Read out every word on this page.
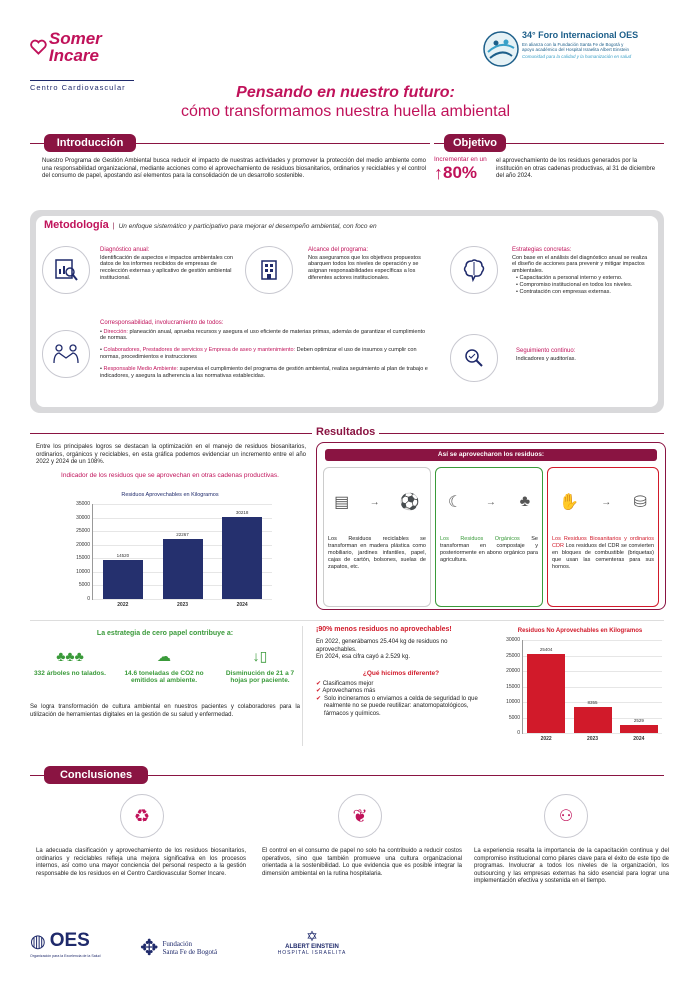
Somer Incare
Centro Cardiovascular
34° Foro Internacional OES
En alianza con la Fundación Santa Fe de Bogotá y
apoyo académico del Hospital Israelita Albert Einstein
Comunidad para la calidad y la humanización en salud
Pensando en nuestro futuro:
cómo transformamos nuestra huella ambiental
Introducción
Nuestro Programa de Gestión Ambiental busca reducir el impacto de nuestras actividades y promover la protección del medio ambiente como una responsabilidad organizacional, mediante acciones como el aprovechamiento de residuos biosanitarios, ordinarios y reciclables y el control del consumo de papel, apostando así elementos para la consolidación de un desarrollo sostenible.
Objetivo
Incrementar en un
↑ 80%
el aprovechamiento de los residuos generados por la institución en otras cadenas productivas, al 31 de diciembre del año 2024.
Metodología | Un enfoque sistemático y participativo para mejorar el desempeño ambiental, con foco en
Diagnóstico anual:
Identificación de aspectos e impactos ambientales con datos de los informes recibidos de empresas de recolección externas y aplicativo de gestión ambiental institucional.
Alcance del programa:
Nos aseguramos que los objetivos propuestos abarquen todos los niveles de operación y se asignan responsabilidades específicas a los diferentes actores institucionales.
Estrategias concretas:
Con base en el análisis del diagnóstico anual se realiza el diseño de acciones para prevenir y mitigar impactos ambientales.
• Capacitación a personal interno y externo.
• Compromiso institucional en todos los niveles.
• Contratación con empresas externas.
Corresponsabilidad, involucramiento de todos:
• Dirección: planeación anual, aprueba recursos y asegura el uso eficiente de materias primas, además de garantizar el cumplimiento de normas.
• Colaboradores, Prestadores de servicios y Empresa de aseo y mantenimiento: Deben optimizar el uso de insumos y cumplir con normas, procedimientos e instrucciones
• Responsable Medio Ambiente: supervisa el cumplimiento del programa de gestión ambiental, realiza seguimiento al plan de trabajo e indicadores, y asegura la adherencia a las normativas establecidas.
Seguimiento continuo:
Indicadores y auditorías.
Resultados
Entre los principales logros se destacan la optimización en el manejo de residuos biosanitarios, ordinarios, orgánicos y reciclables, en esta gráfica podemos evidenciar un incremento entre el año 2022 y 2024 de un 108%.
Indicador de los residuos que se aprovechan en otras cadenas productivas.
Residuos Aprovechables en Kilogramos
0
5000
10000
15000
20000
25000
30000
35000
14520
2022
22267
2023
30218
2024
Así se aprovecharon los residuos:
▤ → ⚽
Los Residuos reciclables se transforman en madera plástica como mobiliario, jardines infantiles, papel, cajas de cartón, bolsones, suelas de zapatos, etc.
☾ → ♣
Los Residuos Orgánicos Se transforman en compostaje y posteriormente en abono orgánico para agricultura.
✋ → ⛁
Los Residuos Biosanitarios y ordinarios CDR Los residuos del CDR se convierten en bloques de combustible (briquetas) que usan las cementeras para sus hornos.
La estrategia de cero papel contribuye a:
♣♣♣
332 árboles no talados.
☁
14.6 toneladas de CO2 no emitidos al ambiente.
↓▯
Disminución de 21 a 7 hojas por paciente.
Se logra transformación de cultura ambiental en nuestros pacientes y colaboradores para la utilización de herramientas digitales en la gestión de su salud y enfermedad.
¡90% menos residuos no aprovechables!
En 2022, generábamos 25.404 kg de residuos no aprovechables.
En 2024, esa cifra cayó a 2.529 kg.
¿Qué hicimos diferente?
✔ Clasificamos mejor
✔ Aprovechamos más
✔ Solo incineramos o enviamos a celda de seguridad lo que realmente no se puede reutilizar: anatomopatológicos, fármacos y químicos.
Residuos No Aprovechables en Kilogramos
0
5000
10000
15000
20000
25000
30000
25404
2022
8355
2023
2529
2024
Conclusiones
♻	❦	⚇
La adecuada clasificación y aprovechamiento de los residuos biosanitarios, ordinarios y reciclables refleja una mejora significativa en los procesos internos, así como una mayor conciencia del personal respecto a la gestión responsable de los residuos en el Centro Cardiovascular Somer Incare.
El control en el consumo de papel no solo ha contribuido a reducir costos operativos, sino que también promueve una cultura organizacional orientada a la sostenibilidad. Lo que evidencia que es posible integrar la dimensión ambiental en la rutina hospitalaria.
La experiencia resalta la importancia de la capacitación continua y del compromiso institucional como pilares clave para el éxito de este tipo de programas. Involucrar a todos los niveles de la organización, los outsourcing y las empresas externas ha sido esencial para lograr una implementación efectiva y sostenida en el tiempo.
◍ OES
Organización para la Excelencia de la Salud	✥ Fundación
Santa Fe de Bogotá
✡
ALBERT EINSTEIN
HOSPITAL ISRAELITA
